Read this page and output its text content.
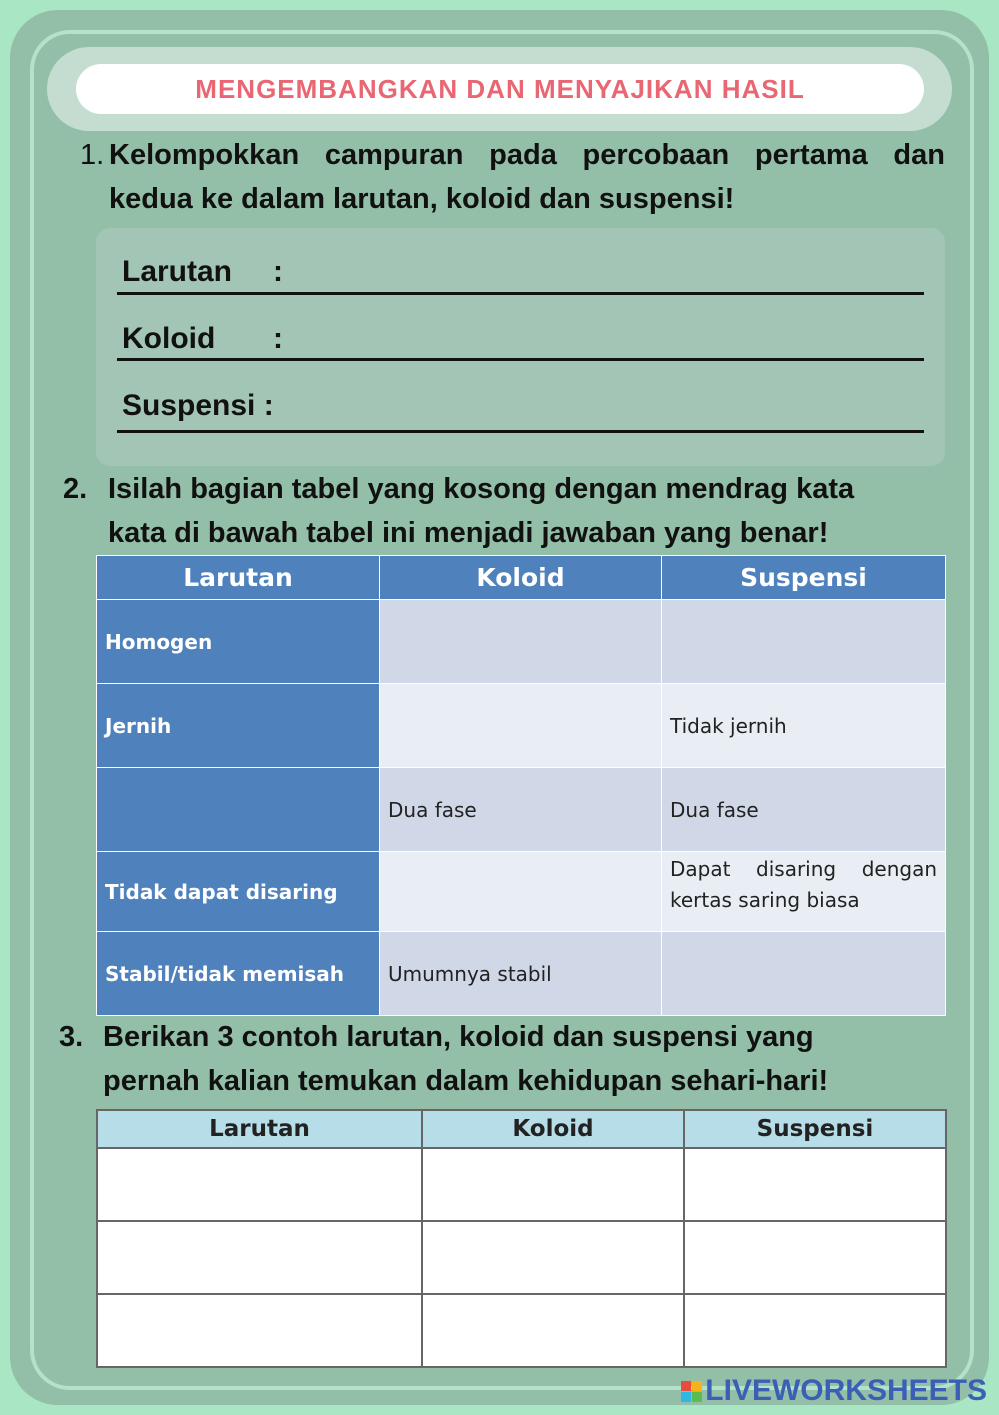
MENGEMBANGKAN DAN MENYAJIKAN HASIL
1. Kelompokkan campuran pada percobaan pertama dan
kedua ke dalam larutan, koloid dan suspensi!
Larutan :
Koloid :
Suspensi :
2. Isilah bagian tabel yang kosong dengan mendrag kata
kata di bawah tabel ini menjadi jawaban yang benar!
Larutan	Koloid	Suspensi
Homogen		
Jernih		Tidak jernih
	Dua fase	Dua fase
Tidak dapat disaring		Dapat disaring dengan kertas saring biasa
Stabil/tidak memisah	Umumnya stabil	
3. Berikan 3 contoh larutan, koloid dan suspensi yang
pernah kalian temukan dalam kehidupan sehari-hari!
Larutan	Koloid	Suspensi

LIVEWORKSHEETS
